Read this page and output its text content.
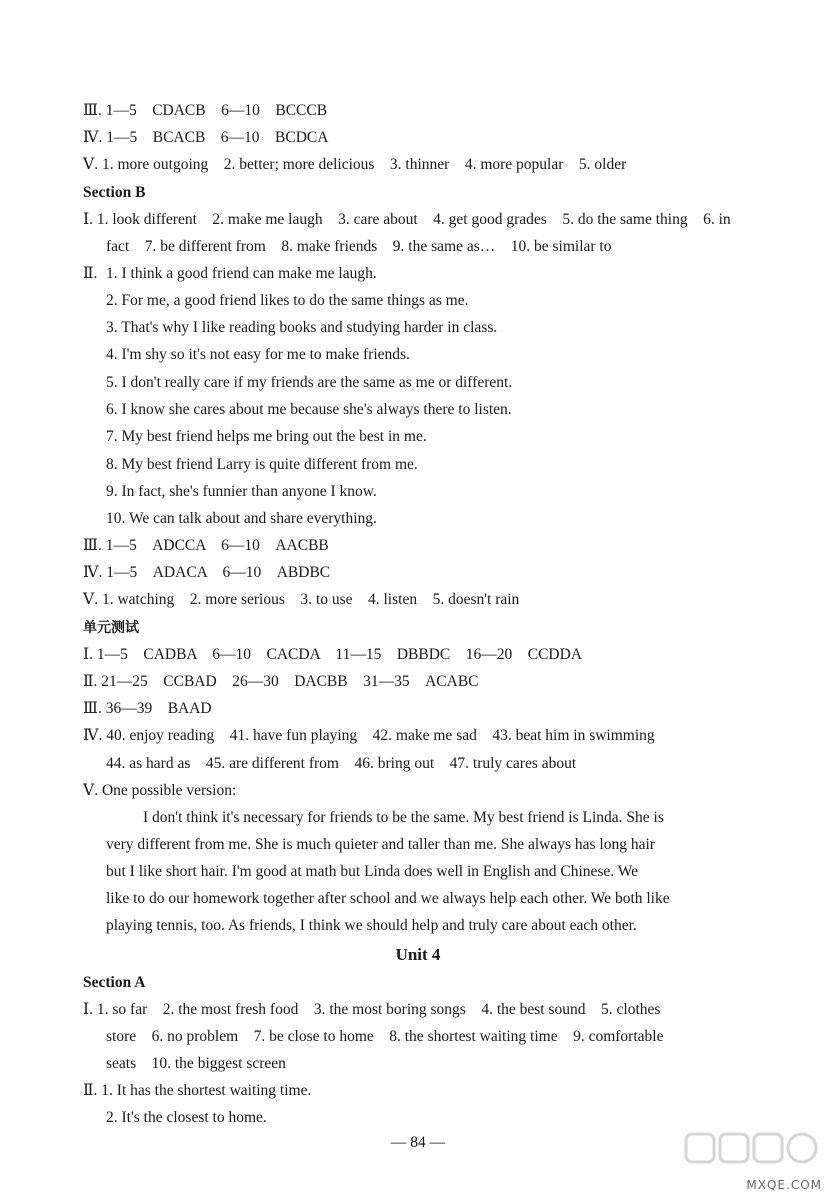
Ⅲ. 1—5　CDACB　6—10　BCCCB
Ⅳ. 1—5　BCACB　6—10　BCDCA
Ⅴ. 1. more outgoing　2. better; more delicious　3. thinner　4. more popular　5. older
Section B
Ⅰ. 1. look different　2. make me laugh　3. care about　4. get good grades　5. do the same thing　6. in
fact　7. be different from　8. make friends　9. the same as…　10. be similar to
Ⅱ. 1. I think a good friend can make me laugh.
2. For me, a good friend likes to do the same things as me.
3. That's why I like reading books and studying harder in class.
4. I'm shy so it's not easy for me to make friends.
5. I don't really care if my friends are the same as me or different.
6. I know she cares about me because she's always there to listen.
7. My best friend helps me bring out the best in me.
8. My best friend Larry is quite different from me.
9. In fact, she's funnier than anyone I know.
10. We can talk about and share everything.
Ⅲ. 1—5　ADCCA　6—10　AACBB
Ⅳ. 1—5　ADACA　6—10　ABDBC
Ⅴ. 1. watching　2. more serious　3. to use　4. listen　5. doesn't rain
单元测试
Ⅰ. 1—5　CADBA　6—10　CACDA　11—15　DBBDC　16—20　CCDDA
Ⅱ. 21—25　CCBAD　26—30　DACBB　31—35　ACABC
Ⅲ. 36—39　BAAD
Ⅳ. 40. enjoy reading　41. have fun playing　42. make me sad　43. beat him in swimming
44. as hard as　45. are different from　46. bring out　47. truly cares about
Ⅴ. One possible version:
I don't think it's necessary for friends to be the same. My best friend is Linda. She is
very different from me. She is much quieter and taller than me. She always has long hair
but I like short hair. I'm good at math but Linda does well in English and Chinese. We
like to do our homework together after school and we always help each other. We both like
playing tennis, too. As friends, I think we should help and truly care about each other.
Unit 4
Section A
Ⅰ. 1. so far　2. the most fresh food　3. the most boring songs　4. the best sound　5. clothes
store　6. no problem　7. be close to home　8. the shortest waiting time　9. comfortable
seats　10. the biggest screen
Ⅱ. 1. It has the shortest waiting time.
2. It's the closest to home.
— 84 —
MXQE.COM
